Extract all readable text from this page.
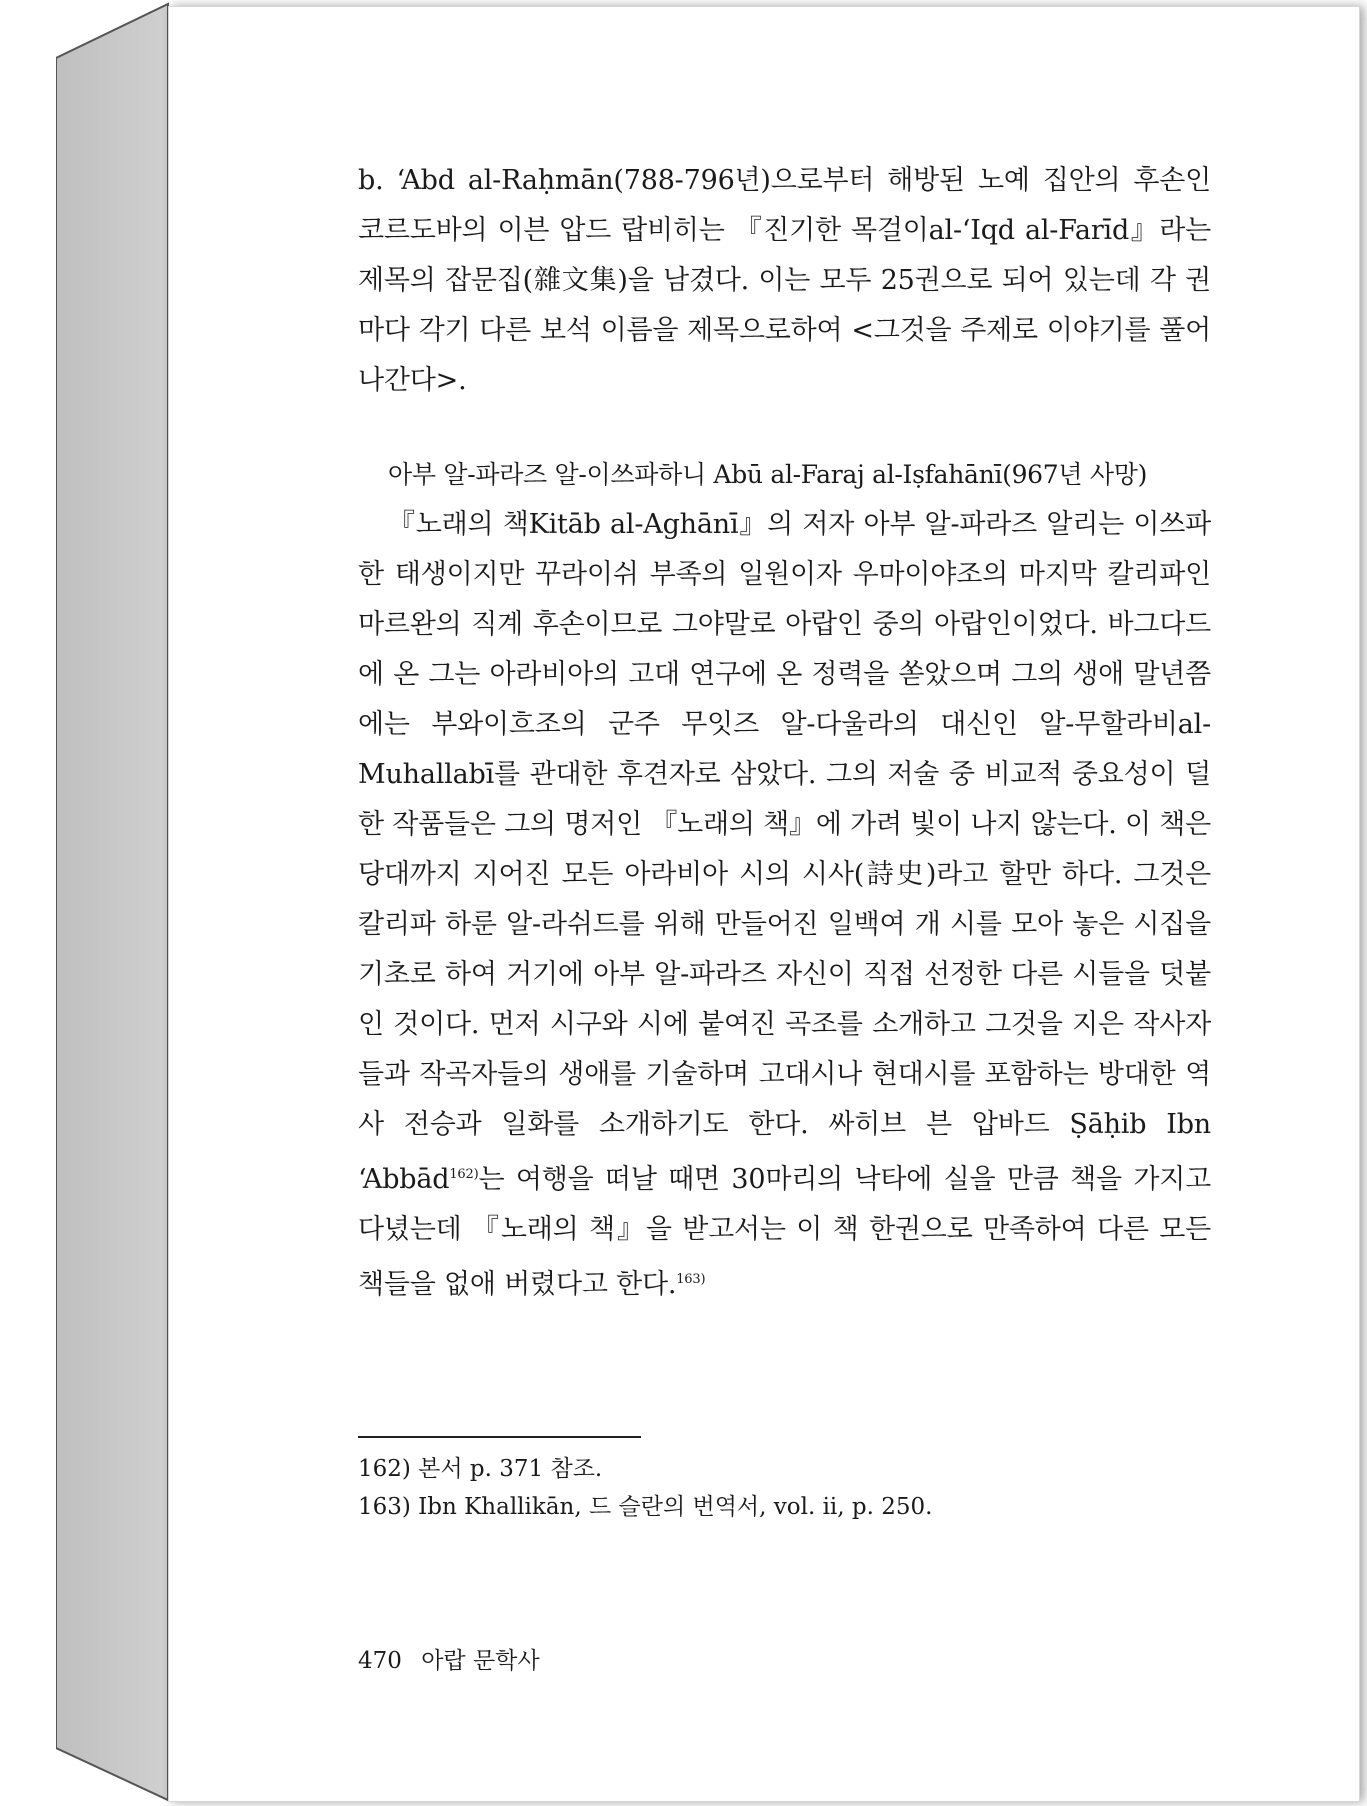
b. ‘Abd al-Raḥmān(788-796년)으로부터 해방된 노예 집안의 후손인 코르도바의 이븐 압드 랍비히는 『진기한 목걸이al-‘Iqd al-Farīd』라는 제목의 잡문집(雜文集)을 남겼다. 이는 모두 25권으로 되어 있는데 각 권마다 각기 다른 보석 이름을 제목으로하여 <그것을 주제로 이야기를 풀어나간다>.

아부 알-파라즈 알-이쓰파하니 Abū al-Faraj al-Iṣfahānī(967년 사망)

『노래의 책Kitāb al-Aghānī』의 저자 아부 알-파라즈 알리는 이쓰파한 태생이지만 꾸라이쉬 부족의 일원이자 우마이야조의 마지막 칼리파인 마르완의 직계 후손이므로 그야말로 아랍인 중의 아랍인이었다. 바그다드에 온 그는 아라비아의 고대 연구에 온 정력을 쏟았으며 그의 생애 말년쯤에는 부와이흐조의 군주 무잇즈 알-다울라의 대신인 알-무할라비al-Muhallabī를 관대한 후견자로 삼았다. 그의 저술 중 비교적 중요성이 덜한 작품들은 그의 명저인 『노래의 책』에 가려 빛이 나지 않는다. 이 책은 당대까지 지어진 모든 아라비아 시의 시사(詩史)라고 할만 하다. 그것은 칼리파 하룬 알-라쉬드를 위해 만들어진 일백여 개 시를 모아 놓은 시집을 기초로 하여 거기에 아부 알-파라즈 자신이 직접 선정한 다른 시들을 덧붙인 것이다. 먼저 시구와 시에 붙여진 곡조를 소개하고 그것을 지은 작사자들과 작곡자들의 생애를 기술하며 고대시나 현대시를 포함하는 방대한 역사 전승과 일화를 소개하기도 한다. 싸히브 븐 압바드 Ṣāḥib Ibn ‘Abbād$^{162)}$는 여행을 떠날 때면 30마리의 낙타에 실을 만큼 책을 가지고 다녔는데 『노래의 책』을 받고서는 이 책 한권으로 만족하여 다른 모든 책들을 없애 버렸다고 한다.$^{163)}$

162) 본서 p. 371 참조.
163) Ibn Khallikān, 드 슬란의 번역서, vol. ii, p. 250.
470 아랍 문학사
